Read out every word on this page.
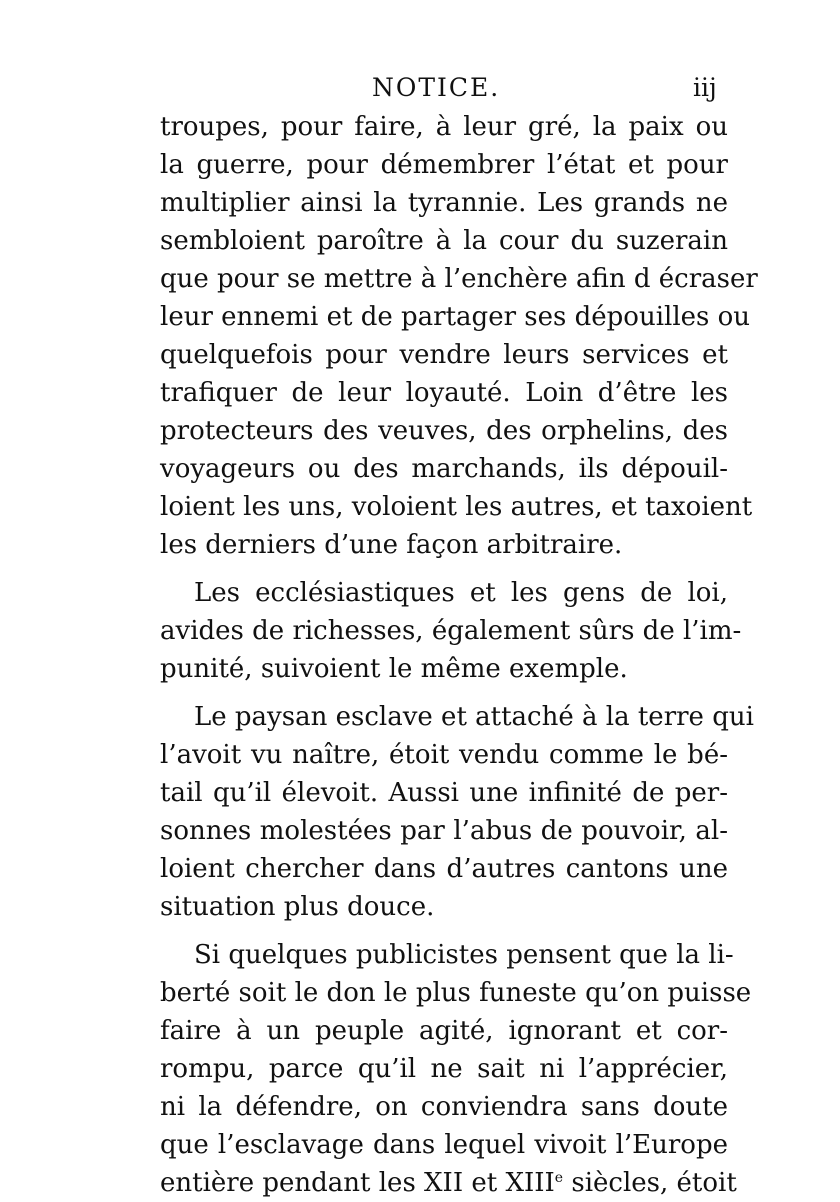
NOTICE.	iij
troupes, pour faire, à leur gré, la paix ou
la guerre, pour démembrer l’état et pour
multiplier ainsi la tyrannie. Les grands ne
sembloient paroître à la cour du suzerain
que pour se mettre à l’enchère afin d écraser
leur ennemi et de partager ses dépouilles ou
quelquefois pour vendre leurs services et
trafiquer de leur loyauté. Loin d’être les
protecteurs des veuves, des orphelins, des
voyageurs ou des marchands, ils dépouil-
loient les uns, voloient les autres, et taxoient
les derniers d’une façon arbitraire.
Les ecclésiastiques et les gens de loi,
avides de richesses, également sûrs de l’im-
punité, suivoient le même exemple.
Le paysan esclave et attaché à la terre qui
l’avoit vu naître, étoit vendu comme le bé-
tail qu’il élevoit. Aussi une infinité de per-
sonnes molestées par l’abus de pouvoir, al-
loient chercher dans d’autres cantons une
situation plus douce.
Si quelques publicistes pensent que la li-
berté soit le don le plus funeste qu’on puisse
faire à un peuple agité, ignorant et cor-
rompu, parce qu’il ne sait ni l’apprécier,
ni la défendre, on conviendra sans doute
que l’esclavage dans lequel vivoit l’Europe
entière pendant les XII et XIIIe siècles, étoit
